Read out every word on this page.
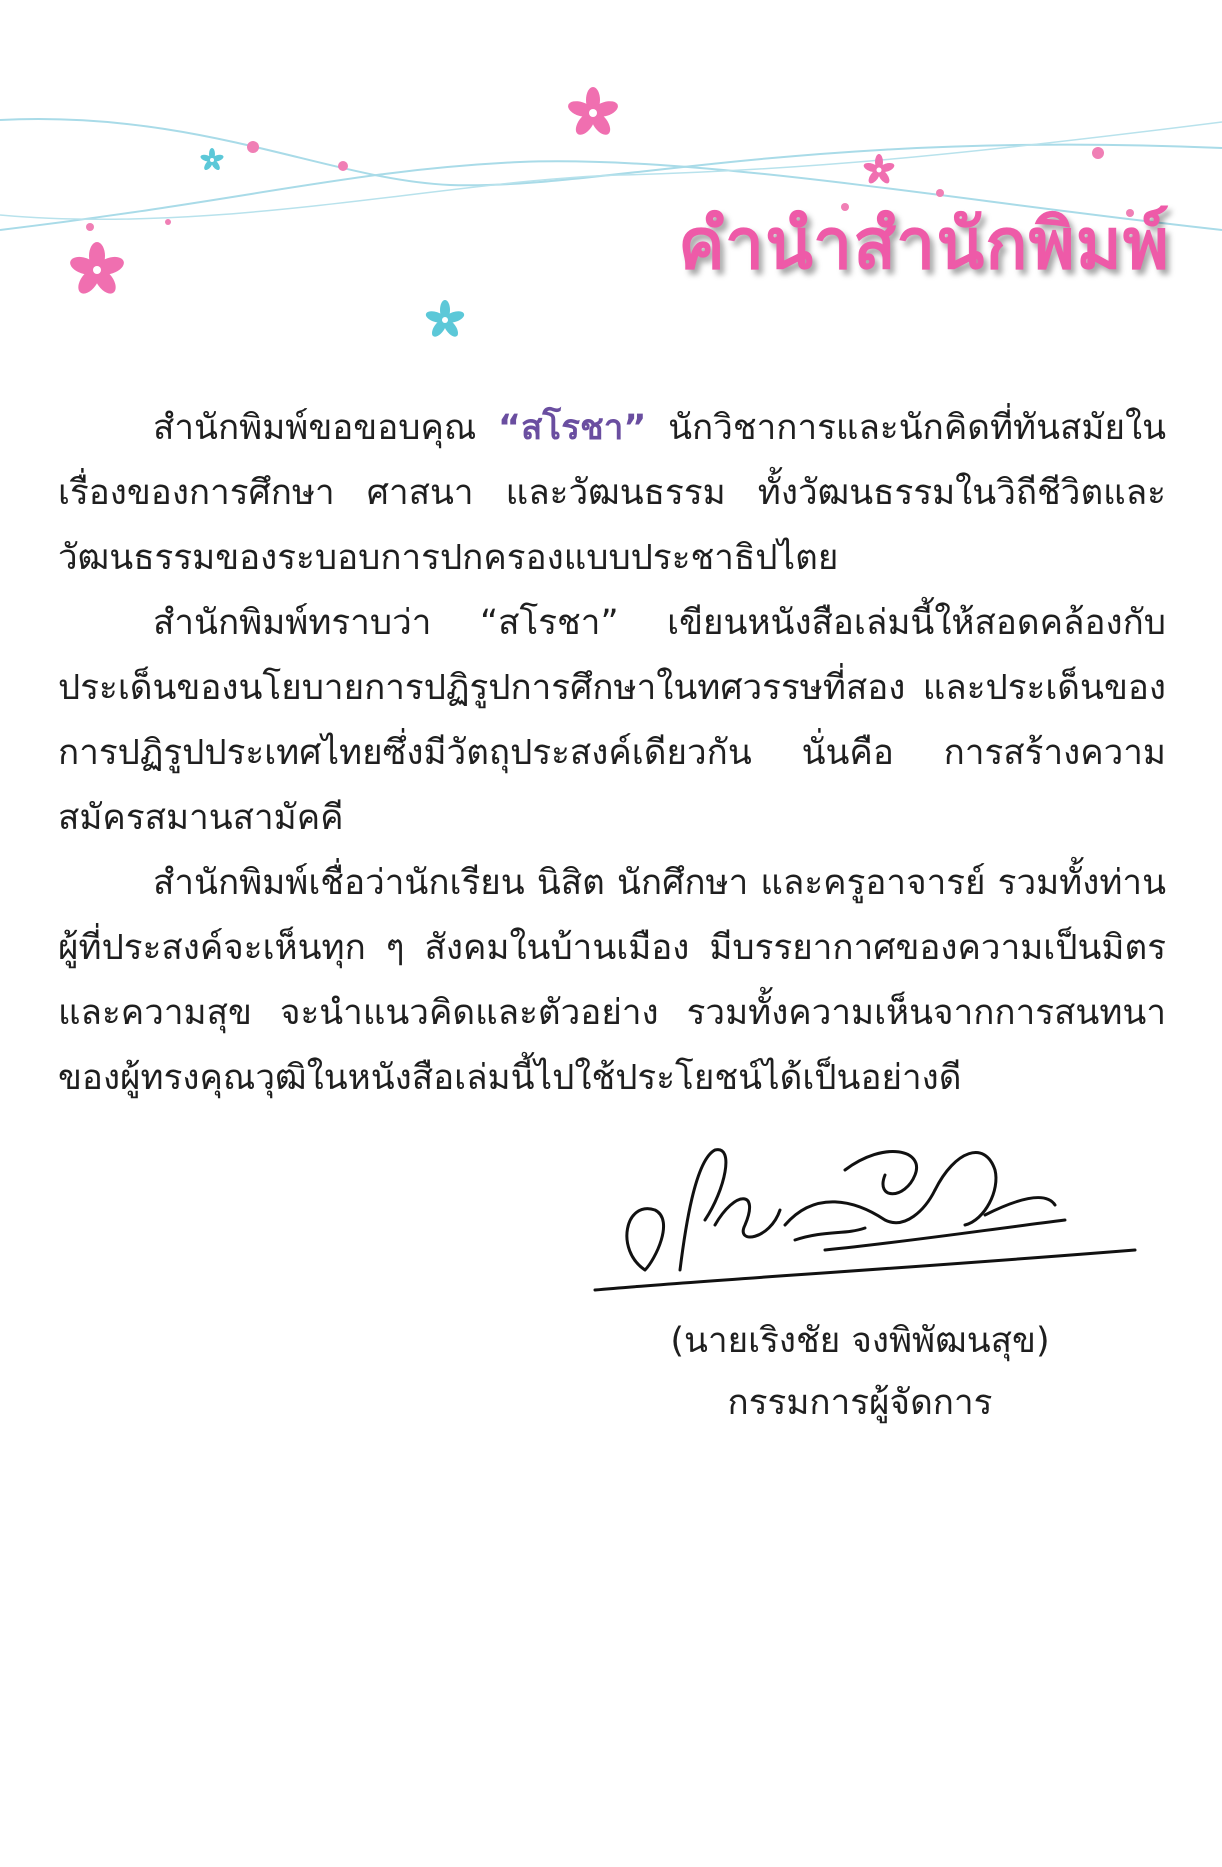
คำนำสำนักพิมพ์

สำนักพิมพ์ขอขอบคุณ “สโรชา” นักวิชาการและนักคิดที่ทันสมัยในเรื่องของการศึกษา ศาสนา และวัฒนธรรม ทั้งวัฒนธรรมในวิถีชีวิตและวัฒนธรรมของระบอบการปกครองแบบประชาธิปไตย

สำนักพิมพ์ทราบว่า “สโรชา” เขียนหนังสือเล่มนี้ให้สอดคล้องกับประเด็นของนโยบายการปฏิรูปการศึกษาในทศวรรษที่สอง และประเด็นของการปฏิรูปประเทศไทยซึ่งมีวัตถุประสงค์เดียวกัน นั่นคือ การสร้างความสมัครสมานสามัคคี

สำนักพิมพ์เชื่อว่านักเรียน นิสิต นักศึกษา และครูอาจารย์ รวมทั้งท่านผู้ที่ประสงค์จะเห็นทุก ๆ สังคมในบ้านเมือง มีบรรยากาศของความเป็นมิตรและความสุข จะนำแนวคิดและตัวอย่าง รวมทั้งความเห็นจากการสนทนาของผู้ทรงคุณวุฒิในหนังสือเล่มนี้ไปใช้ประโยชน์ได้เป็นอย่างดี

(นายเริงชัย จงพิพัฒนสุข)
กรรมการผู้จัดการ
